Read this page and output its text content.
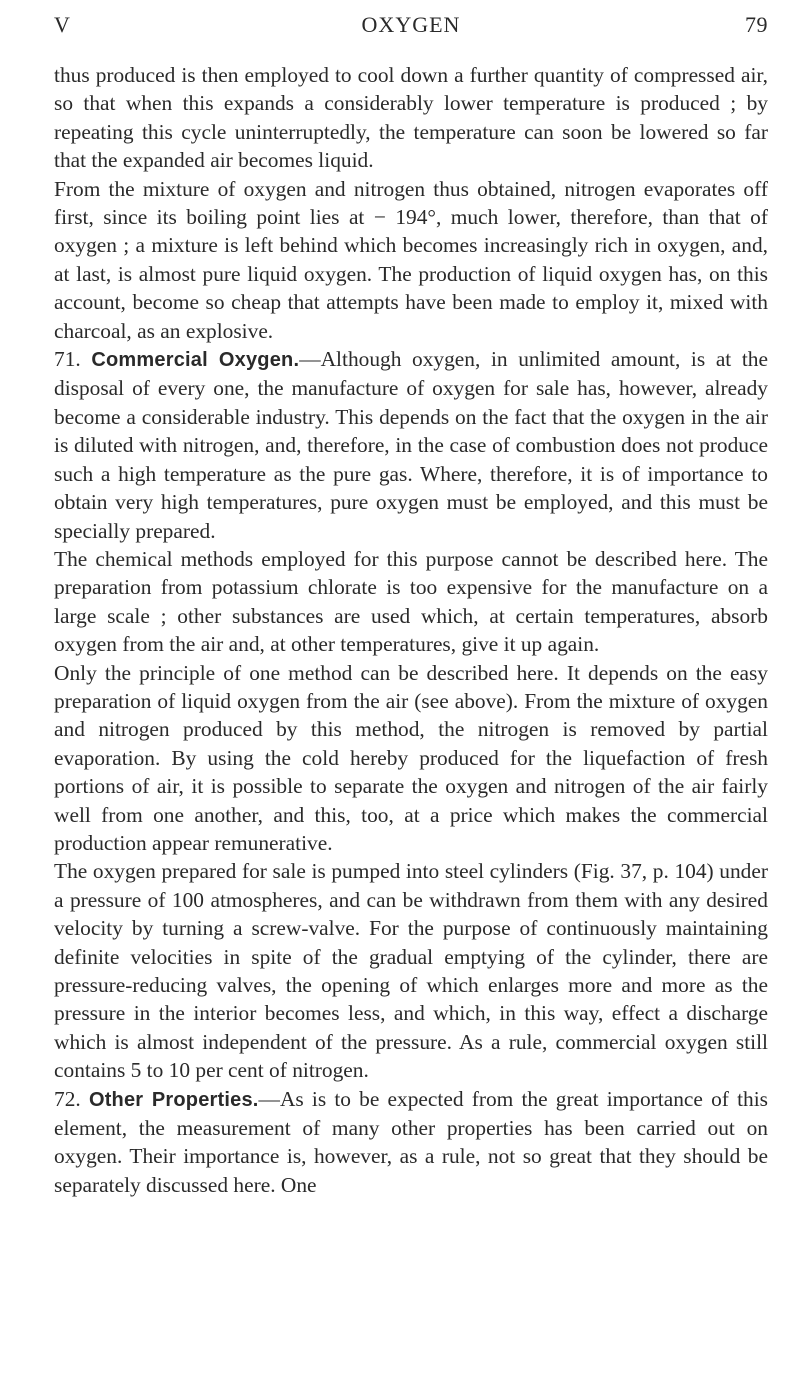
V	OXYGEN	79

thus produced is then employed to cool down a further quantity of compressed air, so that when this expands a considerably lower temperature is produced ; by repeating this cycle uninterruptedly, the temperature can soon be lowered so far that the expanded air becomes liquid.

From the mixture of oxygen and nitrogen thus obtained, nitrogen evaporates off first, since its boiling point lies at − 194°, much lower, therefore, than that of oxygen ; a mixture is left behind which becomes increasingly rich in oxygen, and, at last, is almost pure liquid oxygen. The production of liquid oxygen has, on this account, become so cheap that attempts have been made to employ it, mixed with charcoal, as an explosive.

71. Commercial Oxygen.—Although oxygen, in unlimited amount, is at the disposal of every one, the manufacture of oxygen for sale has, however, already become a considerable industry. This depends on the fact that the oxygen in the air is diluted with nitrogen, and, therefore, in the case of combustion does not produce such a high temperature as the pure gas. Where, therefore, it is of importance to obtain very high temperatures, pure oxygen must be employed, and this must be specially prepared.

The chemical methods employed for this purpose cannot be described here. The preparation from potassium chlorate is too expensive for the manufacture on a large scale ; other substances are used which, at certain temperatures, absorb oxygen from the air and, at other temperatures, give it up again.

Only the principle of one method can be described here. It depends on the easy preparation of liquid oxygen from the air (see above). From the mixture of oxygen and nitrogen produced by this method, the nitrogen is removed by partial evaporation. By using the cold hereby produced for the liquefaction of fresh portions of air, it is possible to separate the oxygen and nitrogen of the air fairly well from one another, and this, too, at a price which makes the commercial production appear remunerative.

The oxygen prepared for sale is pumped into steel cylinders (Fig. 37, p. 104) under a pressure of 100 atmospheres, and can be withdrawn from them with any desired velocity by turning a screw-valve. For the purpose of continuously maintaining definite velocities in spite of the gradual emptying of the cylinder, there are pressure-reducing valves, the opening of which enlarges more and more as the pressure in the interior becomes less, and which, in this way, effect a discharge which is almost independent of the pressure. As a rule, commercial oxygen still contains 5 to 10 per cent of nitrogen.

72. Other Properties.—As is to be expected from the great importance of this element, the measurement of many other properties has been carried out on oxygen. Their importance is, however, as a rule, not so great that they should be separately discussed here. One
